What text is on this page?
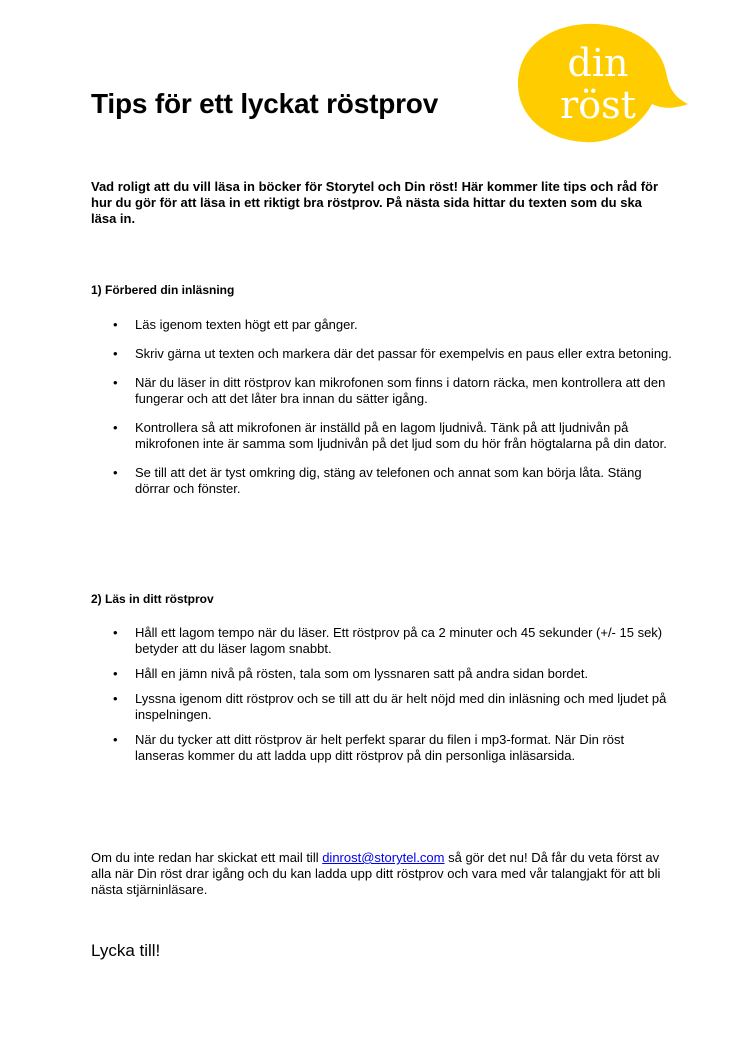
din
röst
Tips för ett lyckat röstprov

Vad roligt att du vill läsa in böcker för Storytel och Din röst! Här kommer lite tips och råd för hur du gör för att läsa in ett riktigt bra röstprov. På nästa sida hittar du texten som du ska läsa in.

1) Förbered din inläsning

• Läs igenom texten högt ett par gånger.
• Skriv gärna ut texten och markera där det passar för exempelvis en paus eller extra betoning.
• När du läser in ditt röstprov kan mikrofonen som finns i datorn räcka, men kontrollera att den fungerar och att det låter bra innan du sätter igång.
• Kontrollera så att mikrofonen är inställd på en lagom ljudnivå. Tänk på att ljudnivån på mikrofonen inte är samma som ljudnivån på det ljud som du hör från högtalarna på din dator.
• Se till att det är tyst omkring dig, stäng av telefonen och annat som kan börja låta. Stäng dörrar och fönster.

2) Läs in ditt röstprov

• Håll ett lagom tempo när du läser. Ett röstprov på ca 2 minuter och 45 sekunder (+/- 15 sek) betyder att du läser lagom snabbt.
• Håll en jämn nivå på rösten, tala som om lyssnaren satt på andra sidan bordet.
• Lyssna igenom ditt röstprov och se till att du är helt nöjd med din inläsning och med ljudet på inspelningen.
• När du tycker att ditt röstprov är helt perfekt sparar du filen i mp3-format. När Din röst lanseras kommer du att ladda upp ditt röstprov på din personliga inläsarsida.

Om du inte redan har skickat ett mail till dinrost@storytel.com så gör det nu! Då får du veta först av alla när Din röst drar igång och du kan ladda upp ditt röstprov och vara med vår talangjakt för att bli nästa stjärninläsare.

Lycka till!
